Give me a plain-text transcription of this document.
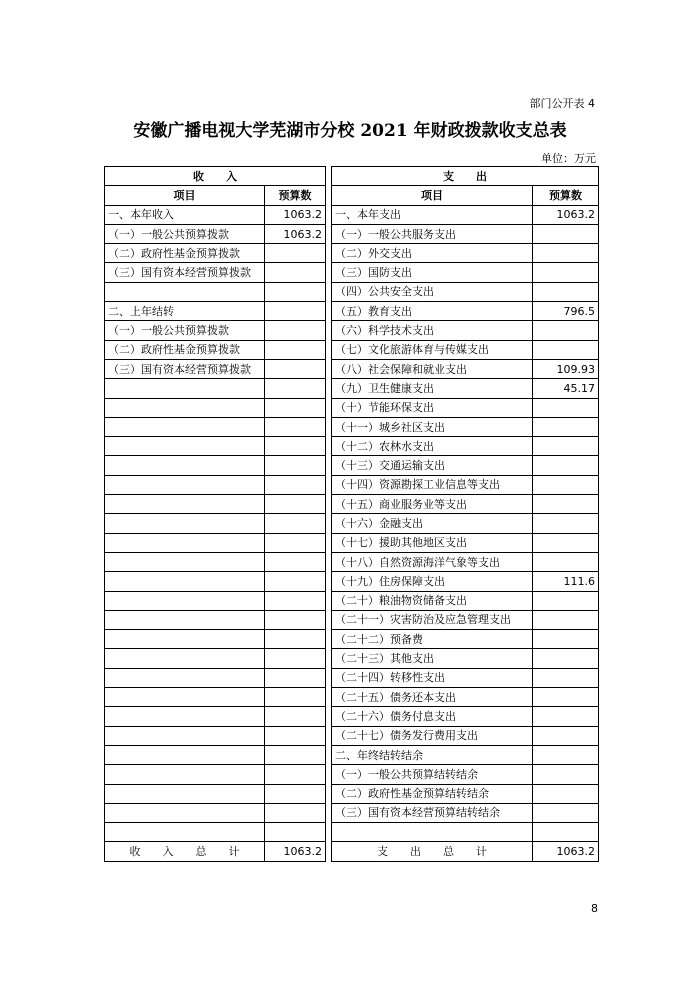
部门公开表 4
安徽广播电视大学芜湖市分校 2021 年财政拨款收支总表
单位：万元
收　　入			支　　出	
项目	预算数		项目	预算数
一、本年收入	1063.2		一、本年支出	1063.2
（一）一般公共预算拨款	1063.2		（一）一般公共服务支出	
（二）政府性基金预算拨款			（二）外交支出	
（三）国有资本经营预算拨款			（三）国防支出	
			（四）公共安全支出	
二、上年结转			（五）教育支出	796.5
（一）一般公共预算拨款			（六）科学技术支出	
（二）政府性基金预算拨款			（七）文化旅游体育与传媒支出	
（三）国有资本经营预算拨款			（八）社会保障和就业支出	109.93
			（九）卫生健康支出	45.17
			（十）节能环保支出	
			（十一）城乡社区支出	
			（十二）农林水支出	
			（十三）交通运输支出	
			（十四）资源勘探工业信息等支出	
			（十五）商业服务业等支出	
			（十六）金融支出	
			（十七）援助其他地区支出	
			（十八）自然资源海洋气象等支出	
			（十九）住房保障支出	111.6
			（二十）粮油物资储备支出	
			（二十一）灾害防治及应急管理支出	
			（二十二）预备费	
			（二十三）其他支出	
			（二十四）转移性支出	
			（二十五）债务还本支出	
			（二十六）债务付息支出	
			（二十七）债务发行费用支出	
			二、年终结转结余	
			（一）一般公共预算结转结余	
			（二）政府性基金预算结转结余	
			（三）国有资本经营预算结转结余	

收　　入　　总　　计	1063.2		支　　出　　总　　计	1063.2
8
